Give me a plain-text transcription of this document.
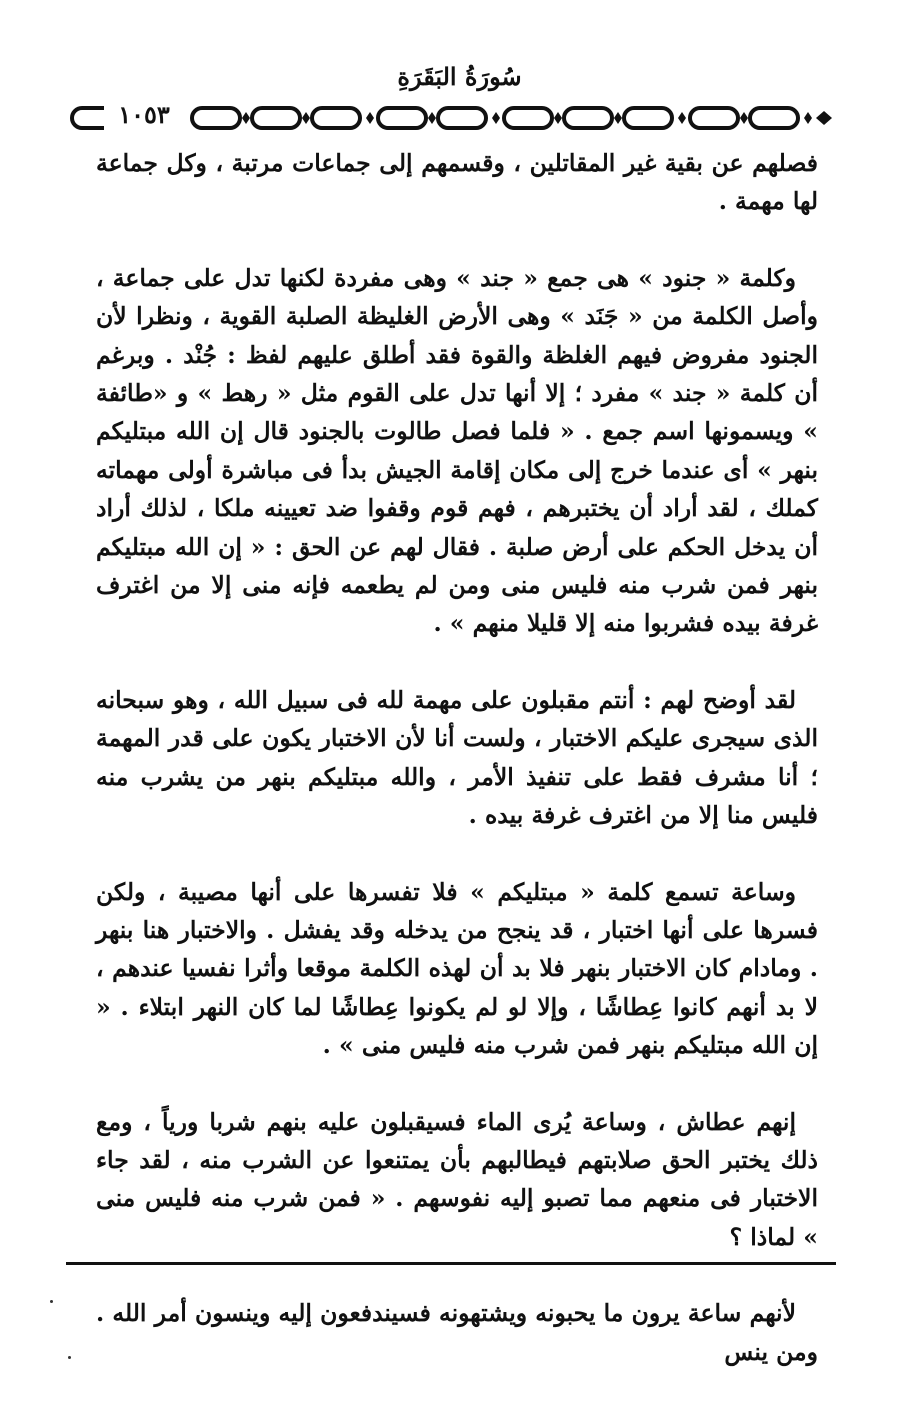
سُورَةُ البَقَرَةِ
١٠٥٣

فصلهم عن بقية غير المقاتلين ، وقسمهم إلى جماعات مرتبة ، وكل جماعة لها مهمة .

وكلمة « جنود » هى جمع « جند » وهى مفردة لكنها تدل على جماعة ، وأصل الكلمة من « جَنَد » وهى الأرض الغليظة الصلبة القوية ، ونظرا لأن الجنود مفروض فيهم الغلظة والقوة فقد أطلق عليهم لفظ : جُنْد . وبرغم أن كلمة « جند » مفرد ؛ إلا أنها تدل على القوم مثل « رهط » و «طائفة » ويسمونها اسم جمع . « فلما فصل طالوت بالجنود قال إن الله مبتليكم بنهر » أى عندما خرج إلى مكان إقامة الجيش بدأ فى مباشرة أولى مهماته كملك ، لقد أراد أن يختبرهم ، فهم قوم وقفوا ضد تعيينه ملكا ، لذلك أراد أن يدخل الحكم على أرض صلبة . فقال لهم عن الحق : « إن الله مبتليكم بنهر فمن شرب منه فليس منى ومن لم يطعمه فإنه منى إلا من اغترف غرفة بيده فشربوا منه إلا قليلا منهم » .

لقد أوضح لهم : أنتم مقبلون على مهمة لله فى سبيل الله ، وهو سبحانه الذى سيجرى عليكم الاختبار ، ولست أنا لأن الاختبار يكون على قدر المهمة ؛ أنا مشرف فقط على تنفيذ الأمر ، والله مبتليكم بنهر من يشرب منه فليس منا إلا من اغترف غرفة بيده .

وساعة تسمع كلمة « مبتليكم » فلا تفسرها على أنها مصيبة ، ولكن فسرها على أنها اختبار ، قد ينجح من يدخله وقد يفشل . والاختبار هنا بنهر . ومادام كان الاختبار بنهر فلا بد أن لهذه الكلمة موقعا وأثرا نفسيا عندهم ، لا بد أنهم كانوا عِطاشًا ، وإلا لو لم يكونوا عِطاشًا لما كان النهر ابتلاء . « إن الله مبتليكم بنهر فمن شرب منه فليس منى » .

إنهم عطاش ، وساعة يُرى الماء فسيقبلون عليه بنهم شربا ورياً ، ومع ذلك يختبر الحق صلابتهم فيطالبهم بأن يمتنعوا عن الشرب منه ، لقد جاء الاختبار فى منعهم مما تصبو إليه نفوسهم . « فمن شرب منه فليس منى » لماذا ؟

لأنهم ساعة يرون ما يحبونه ويشتهونه فسيندفعون إليه وينسون أمر الله . ومن ينس
